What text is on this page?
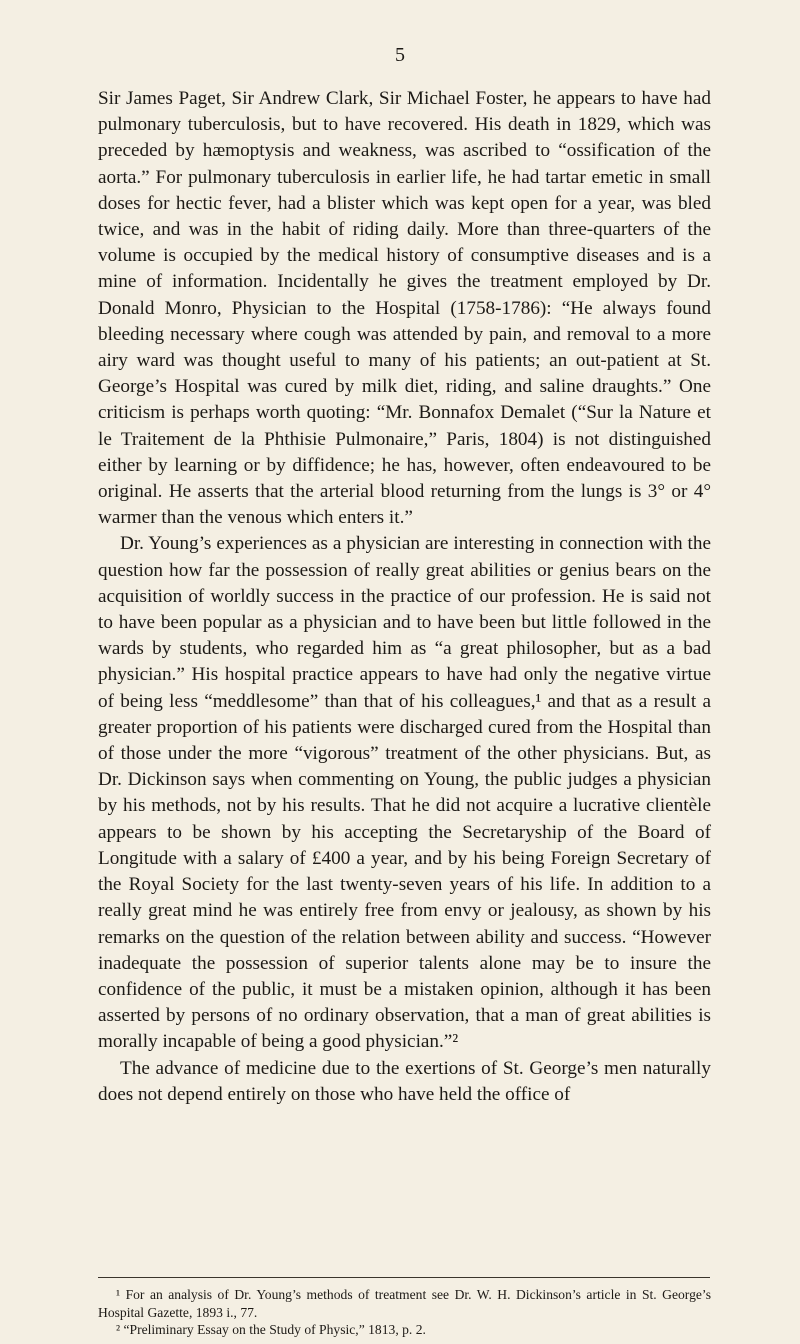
5

Sir James Paget, Sir Andrew Clark, Sir Michael Foster, he appears to have had pulmonary tuberculosis, but to have recovered. His death in 1829, which was preceded by hæmoptysis and weakness, was ascribed to “ossification of the aorta.” For pulmonary tuberculosis in earlier life, he had tartar emetic in small doses for hectic fever, had a blister which was kept open for a year, was bled twice, and was in the habit of riding daily. More than three-quarters of the volume is occupied by the medical history of consumptive diseases and is a mine of information. Incidentally he gives the treatment employed by Dr. Donald Monro, Physician to the Hospital (1758-1786): “He always found bleeding necessary where cough was attended by pain, and removal to a more airy ward was thought useful to many of his patients; an out-patient at St. George’s Hospital was cured by milk diet, riding, and saline draughts.” One criticism is perhaps worth quoting: “Mr. Bonnafox Demalet (“Sur la Nature et le Traitement de la Phthisie Pulmonaire,” Paris, 1804) is not distinguished either by learning or by diffidence; he has, however, often endeavoured to be original. He asserts that the arterial blood returning from the lungs is 3° or 4° warmer than the venous which enters it.”

Dr. Young’s experiences as a physician are interesting in connection with the question how far the possession of really great abilities or genius bears on the acquisition of worldly success in the practice of our profession. He is said not to have been popular as a physician and to have been but little followed in the wards by students, who regarded him as “a great philosopher, but as a bad physician.” His hospital practice appears to have had only the negative virtue of being less “meddlesome” than that of his colleagues,¹ and that as a result a greater proportion of his patients were discharged cured from the Hospital than of those under the more “vigorous” treatment of the other physicians. But, as Dr. Dickinson says when commenting on Young, the public judges a physician by his methods, not by his results. That he did not acquire a lucrative clientèle appears to be shown by his accepting the Secretaryship of the Board of Longitude with a salary of £400 a year, and by his being Foreign Secretary of the Royal Society for the last twenty-seven years of his life. In addition to a really great mind he was entirely free from envy or jealousy, as shown by his remarks on the question of the relation between ability and success. “However inadequate the possession of superior talents alone may be to insure the confidence of the public, it must be a mistaken opinion, although it has been asserted by persons of no ordinary observation, that a man of great abilities is morally incapable of being a good physician.”²

The advance of medicine due to the exertions of St. George’s men naturally does not depend entirely on those who have held the office of

¹ For an analysis of Dr. Young’s methods of treatment see Dr. W. H. Dickinson’s article in St. George’s Hospital Gazette, 1893 i., 77.

² “Preliminary Essay on the Study of Physic,” 1813, p. 2.
